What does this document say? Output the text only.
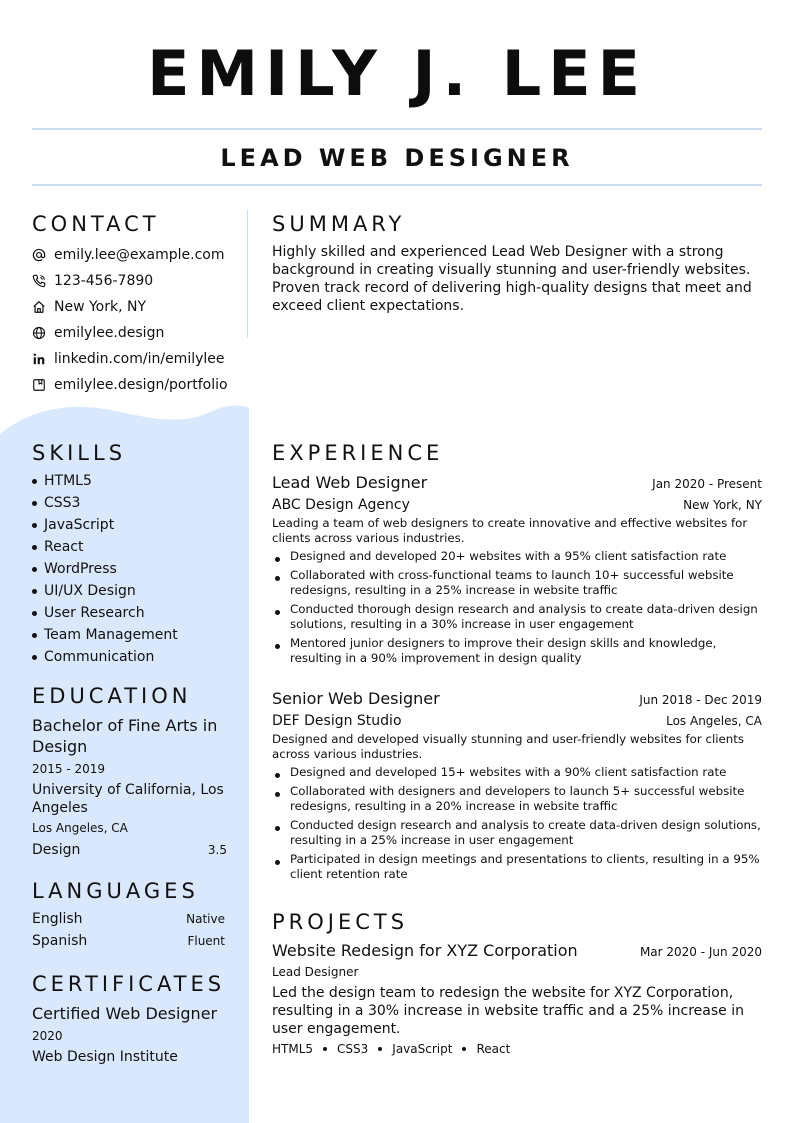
EMILY J. LEE
LEAD WEB DESIGNER
CONTACT
emily.lee@example.com
123-456-7890
New York, NY
emilylee.design
linkedin.com/in/emilylee
emilylee.design/portfolio
SKILLS
HTML5
CSS3
JavaScript
React
WordPress
UI/UX Design
User Research
Team Management
Communication
EDUCATION
Bachelor of Fine Arts in Design
2015 - 2019
University of California, Los Angeles
Los Angeles, CA
Design	3.5
LANGUAGES
English	Native
Spanish	Fluent
CERTIFICATES
Certified Web Designer
2020
Web Design Institute
SUMMARY

Highly skilled and experienced Lead Web Designer with a strong background in creating visually stunning and user-friendly websites. Proven track record of delivering high-quality designs that meet and exceed client expectations.

EXPERIENCE
Lead Web Designer	Jan 2020 - Present
ABC Design Agency	New York, NY

Leading a team of web designers to create innovative and effective websites for clients across various industries.

Designed and developed 20+ websites with a 95% client satisfaction rate
Collaborated with cross-functional teams to launch 10+ successful website redesigns, resulting in a 25% increase in website traffic
Conducted thorough design research and analysis to create data-driven design solutions, resulting in a 30% increase in user engagement
Mentored junior designers to improve their design skills and knowledge, resulting in a 90% improvement in design quality
Senior Web Designer	Jun 2018 - Dec 2019
DEF Design Studio	Los Angeles, CA

Designed and developed visually stunning and user-friendly websites for clients across various industries.

Designed and developed 15+ websites with a 90% client satisfaction rate
Collaborated with designers and developers to launch 5+ successful website redesigns, resulting in a 20% increase in website traffic
Conducted design research and analysis to create data-driven design solutions, resulting in a 25% increase in user engagement
Participated in design meetings and presentations to clients, resulting in a 95% client retention rate
PROJECTS
Website Redesign for XYZ Corporation	Mar 2020 - Jun 2020
Lead Designer

Led the design team to redesign the website for XYZ Corporation, resulting in a 30% increase in website traffic and a 25% increase in user engagement.

HTML5 CSS3 JavaScript React
